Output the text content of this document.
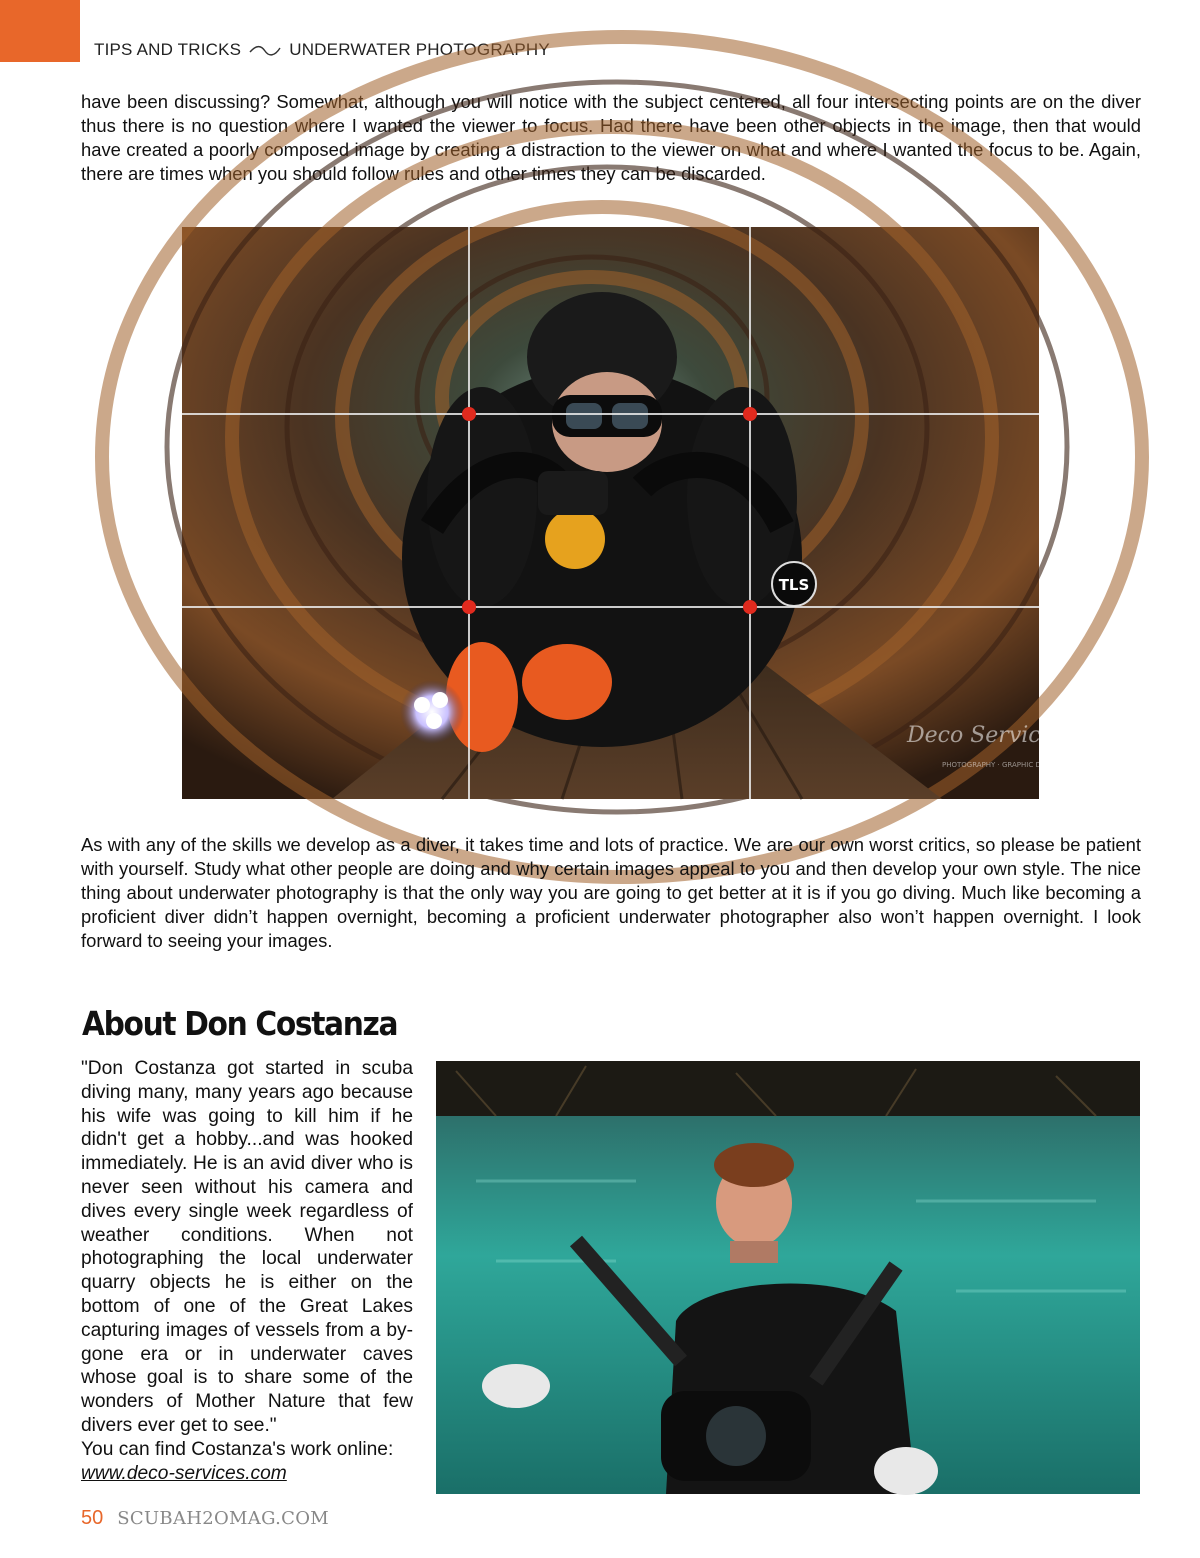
TIPS AND TRICKS	UNDERWATER PHOTOGRAPHY

have been discussing? Somewhat, although you will notice with the subject centered, all four intersecting points are on the diver thus there is no question where I wanted the viewer to focus. Had there have been other objects in the image, then that would have created a poorly composed image by creating a distraction to the viewer on what and where I wanted the focus to be. Again, there are times when you should follow rules and other times they can be discarded.

TLS
Deco Services
PHOTOGRAPHY · GRAPHIC DESIGN

As with any of the skills we develop as a diver, it takes time and lots of practice. We are our own worst critics, so please be patient with yourself. Study what other people are doing and why certain images appeal to you and then develop your own style. The nice thing about underwater photography is that the only way you are going to get better at it is if you go diving. Much like becoming a proficient diver didn’t happen overnight, becoming a proficient underwater photographer also won’t happen overnight. I look forward to seeing your images.

About Don Costanza

"Don Costanza got started in scuba diving many, many years ago because his wife was going to kill him if he didn't get a hobby...and was hooked immediately. He is an avid diver who is never seen without his camera and dives every single week regardless of weather conditions. When not photographing the local underwater quarry objects he is either on the bottom of one of the Great Lakes capturing images of vessels from a by-gone era or in underwater caves whose goal is to share some of the wonders of Mother Nature that few divers ever get to see."
You can find Costanza's work online:
www.deco-services.com

50 SCUBAH2OMAG.COM
